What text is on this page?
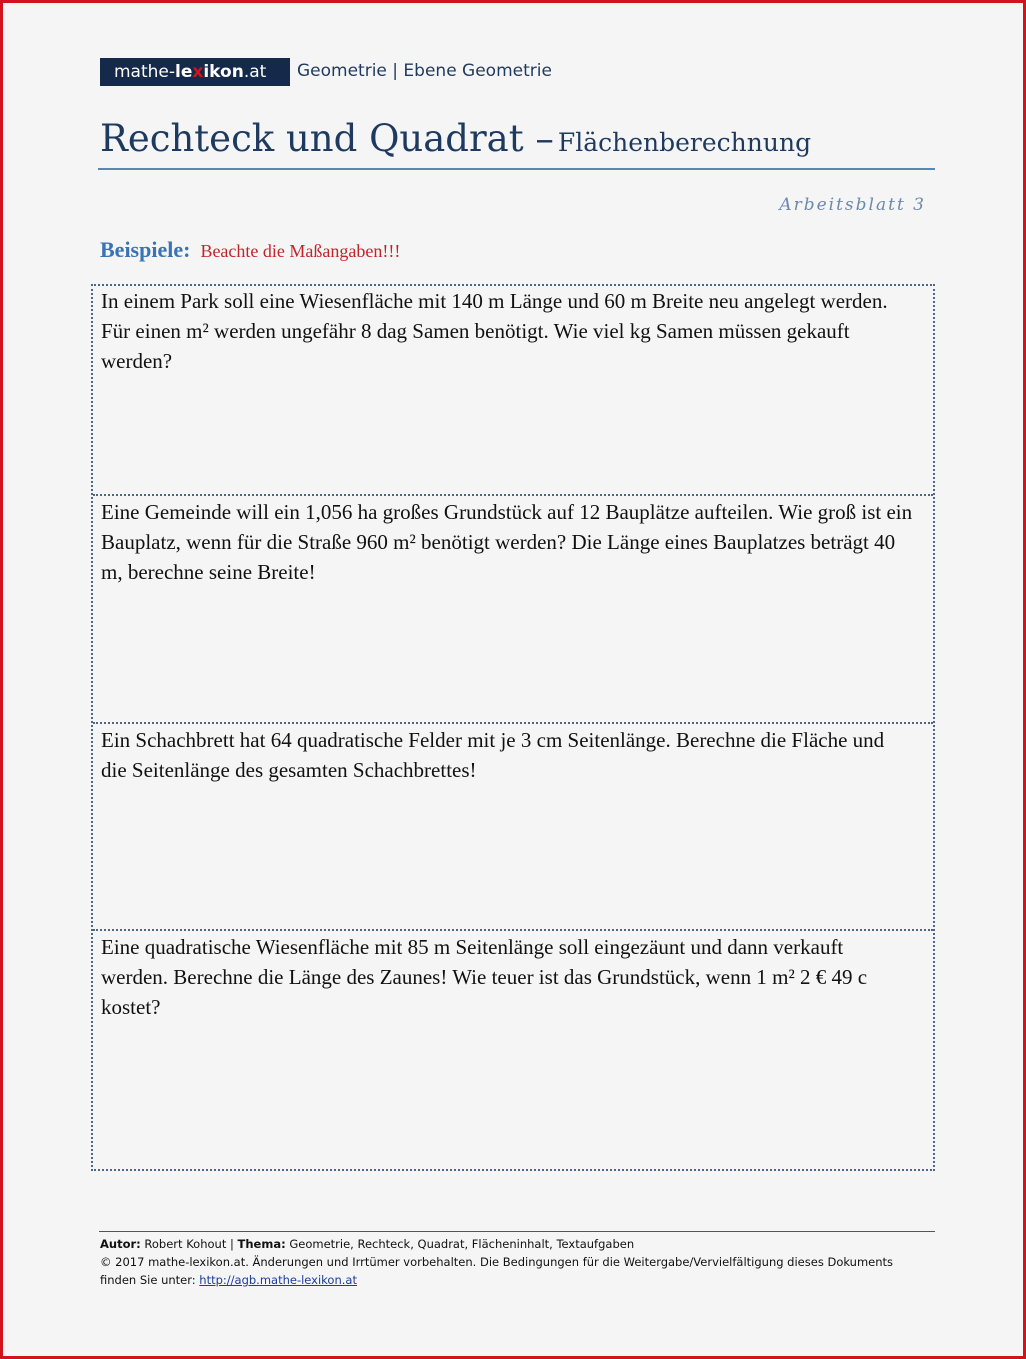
mathe-lexikon.at	Geometrie | Ebene Geometrie
Rechteck und Quadrat – Flächenberechnung
Arbeitsblatt 3
Beispiele: Beachte die Maßangaben!!!
In einem Park soll eine Wiesenfläche mit 140 m Länge und 60 m Breite neu angelegt werden. Für einen m² werden ungefähr 8 dag Samen benötigt. Wie viel kg Samen müssen gekauft werden?
Eine Gemeinde will ein 1,056 ha großes Grundstück auf 12 Bauplätze aufteilen. Wie groß ist ein Bauplatz, wenn für die Straße 960 m² benötigt werden? Die Länge eines Bauplatzes beträgt 40 m, berechne seine Breite!
Ein Schachbrett hat 64 quadratische Felder mit je 3 cm Seitenlänge. Berechne die Fläche und die Seitenlänge des gesamten Schachbrettes!
Eine quadratische Wiesenfläche mit 85 m Seitenlänge soll eingezäunt und dann verkauft werden. Berechne die Länge des Zaunes! Wie teuer ist das Grundstück, wenn 1 m² 2 € 49 c kostet?
Autor: Robert Kohout | Thema: Geometrie, Rechteck, Quadrat, Flächeninhalt, Textaufgaben
© 2017 mathe-lexikon.at. Änderungen und Irrtümer vorbehalten. Die Bedingungen für die Weitergabe/Vervielfältigung dieses Dokuments finden Sie unter: http://agb.mathe-lexikon.at
